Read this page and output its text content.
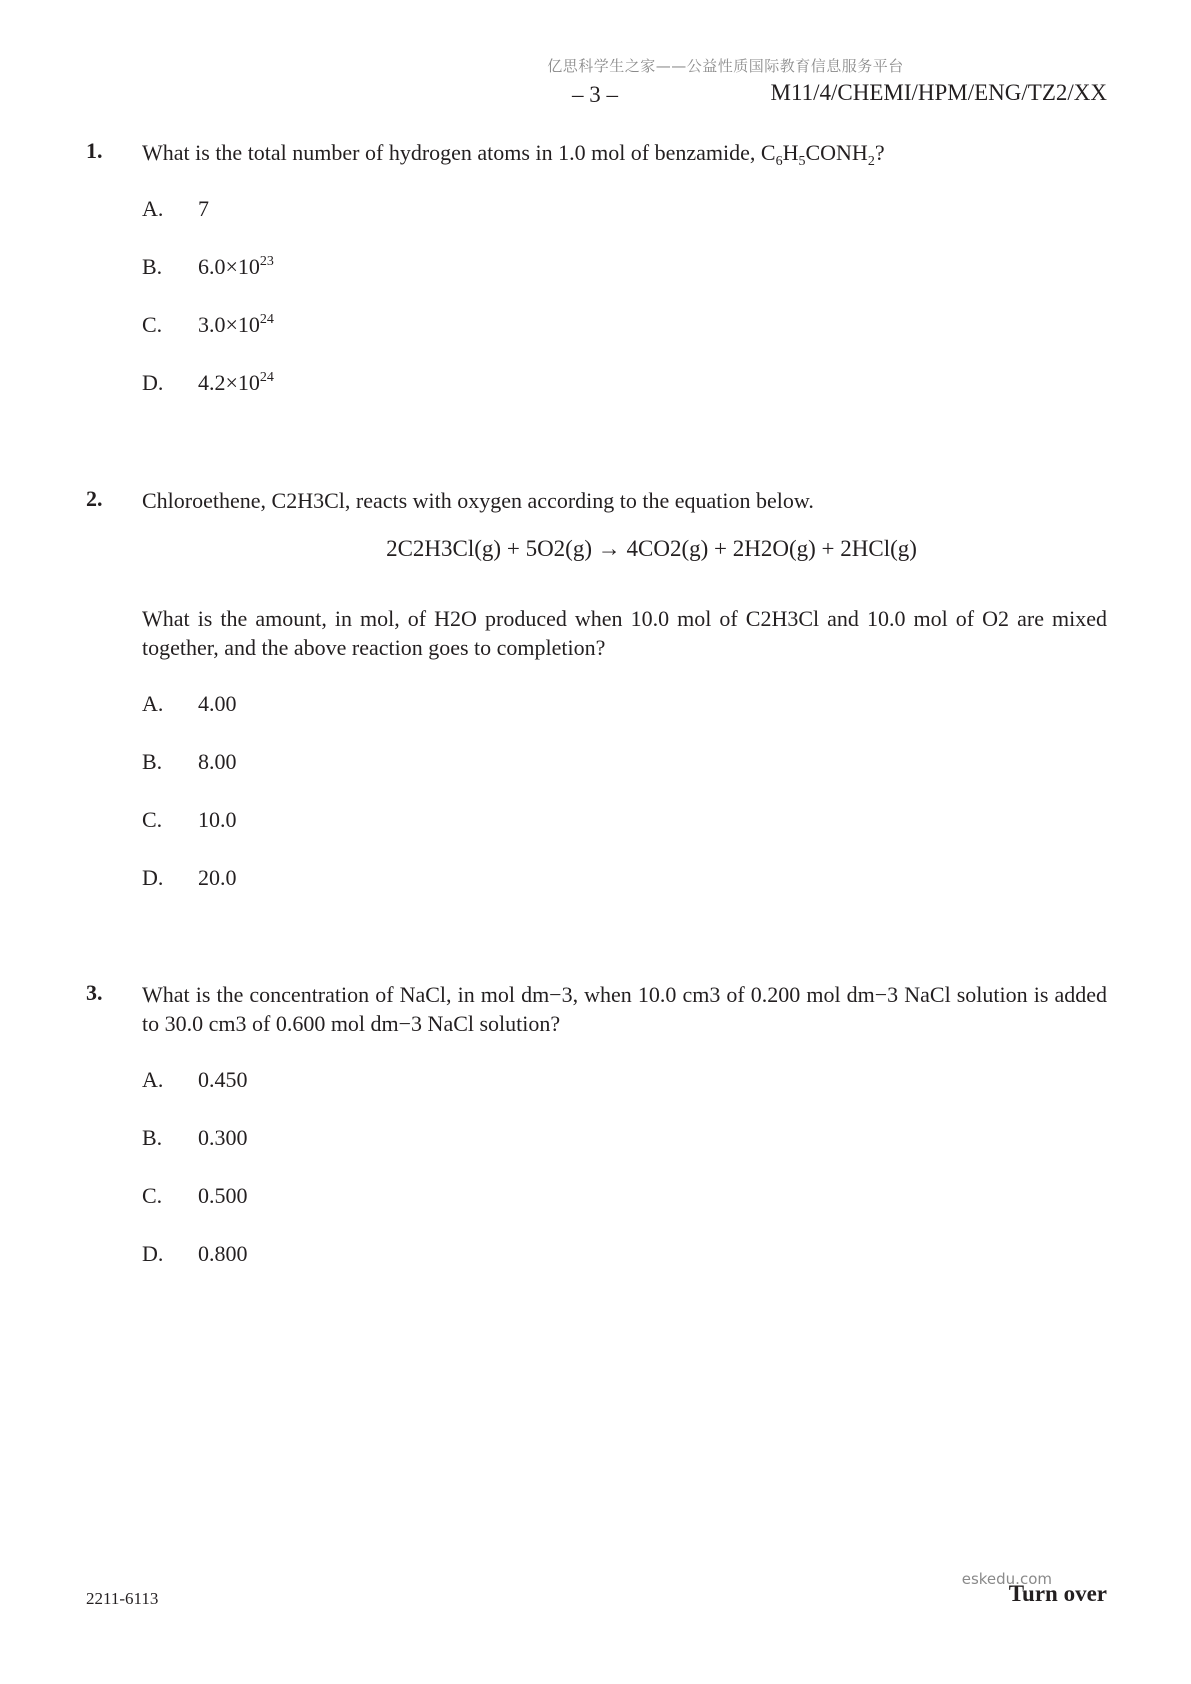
亿思科学生之家——公益性质国际教育信息服务平台
– 3 –	M11/4/CHEMI/HPM/ENG/TZ2/XX
1. What is the total number of hydrogen atoms in 1.0 mol of benzamide, $C_6H_5CONH_2$?
A. 7
B. $6.0\times 10^{23}$
C. $3.0\times 10^{24}$
D. $4.2\times 10^{24}$
2. Chloroethene, C2H3Cl, reacts with oxygen according to the equation below.
2C2H3Cl(g) + 5O2(g) → 4CO2(g) + 2H2O(g) + 2HCl(g)
What is the amount, in mol, of H2O produced when 10.0 mol of C2H3Cl and 10.0 mol of O2 are mixed together, and the above reaction goes to completion?
A. 4.00
B. 8.00
C. 10.0
D. 20.0
3. What is the concentration of NaCl, in mol dm−3, when 10.0 cm3 of 0.200 mol dm−3 NaCl solution is added to 30.0 cm3 of 0.600 mol dm−3 NaCl solution?
A. 0.450
B. 0.300
C. 0.500
D. 0.800
2211-6113	Turn over
eskedu.com
